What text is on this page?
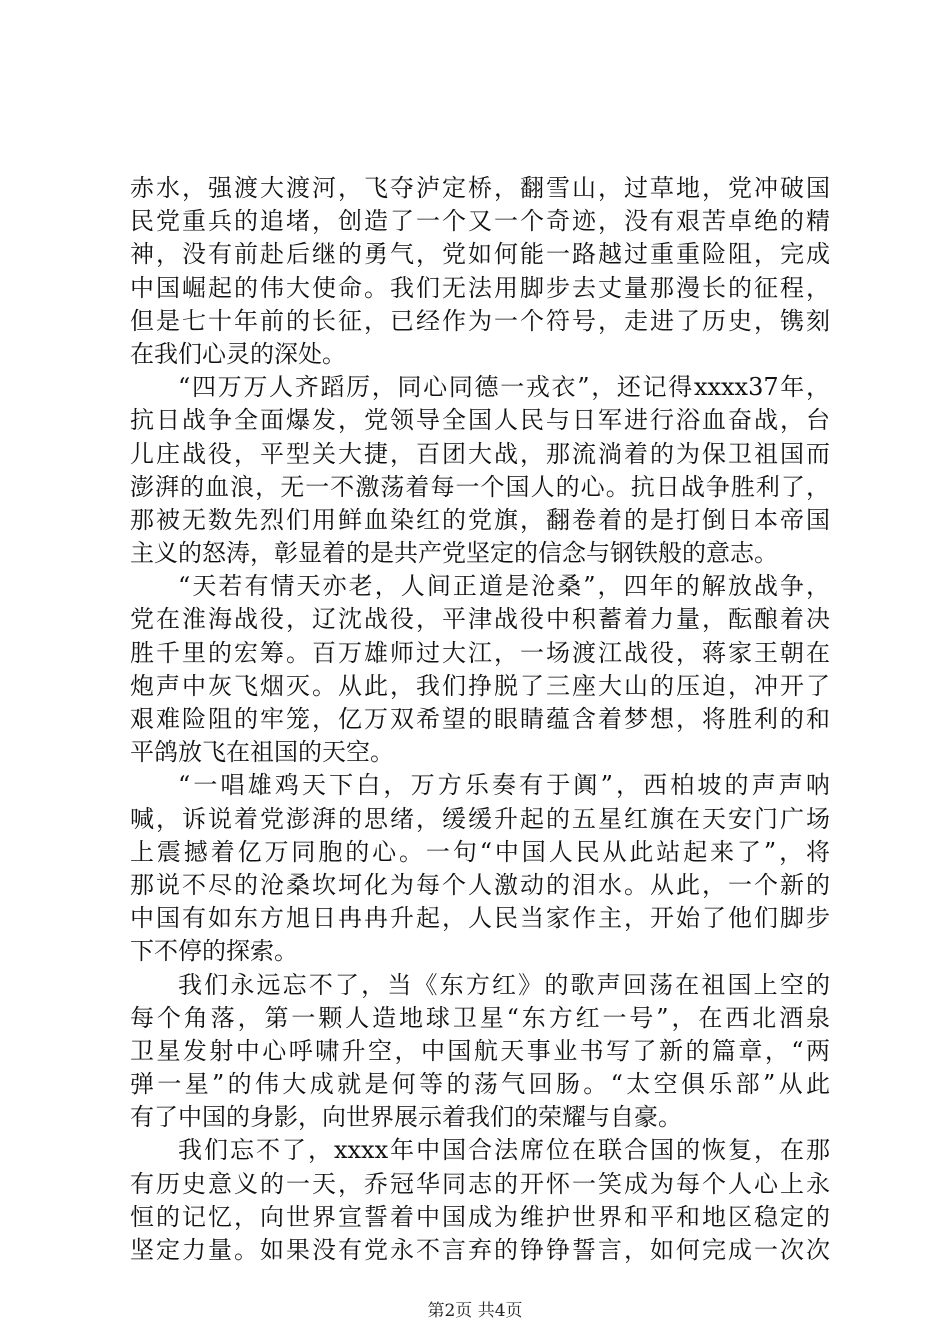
赤水，强渡大渡河，飞夺泸定桥，翻雪山，过草地，党冲破国
民党重兵的追堵，创造了一个又一个奇迹，没有艰苦卓绝的精
神，没有前赴后继的勇气，党如何能一路越过重重险阻，完成
中国崛起的伟大使命。我们无法用脚步去丈量那漫长的征程，
但是七十年前的长征，已经作为一个符号，走进了历史，镌刻
在我们心灵的深处。
“四万万人齐蹈厉，同心同德一戎衣”，还记得xxxx37年，
抗日战争全面爆发，党领导全国人民与日军进行浴血奋战，台
儿庄战役，平型关大捷，百团大战，那流淌着的为保卫祖国而
澎湃的血浪，无一不激荡着每一个国人的心。抗日战争胜利了，
那被无数先烈们用鲜血染红的党旗，翻卷着的是打倒日本帝国
主义的怒涛，彰显着的是共产党坚定的信念与钢铁般的意志。
“天若有情天亦老，人间正道是沧桑”，四年的解放战争，
党在淮海战役，辽沈战役，平津战役中积蓄着力量，酝酿着决
胜千里的宏筹。百万雄师过大江，一场渡江战役，蒋家王朝在
炮声中灰飞烟灭。从此，我们挣脱了三座大山的压迫，冲开了
艰难险阻的牢笼，亿万双希望的眼睛蕴含着梦想，将胜利的和
平鸽放飞在祖国的天空。
“一唱雄鸡天下白，万方乐奏有于阗”，西柏坡的声声呐
喊，诉说着党澎湃的思绪，缓缓升起的五星红旗在天安门广场
上震撼着亿万同胞的心。一句“中国人民从此站起来了”，将
那说不尽的沧桑坎坷化为每个人激动的泪水。从此，一个新的
中国有如东方旭日冉冉升起，人民当家作主，开始了他们脚步
下不停的探索。
我们永远忘不了，当《东方红》的歌声回荡在祖国上空的
每个角落，第一颗人造地球卫星“东方红一号”，在西北酒泉
卫星发射中心呼啸升空，中国航天事业书写了新的篇章，“两
弹一星”的伟大成就是何等的荡气回肠。“太空俱乐部”从此
有了中国的身影，向世界展示着我们的荣耀与自豪。
我们忘不了，xxxx年中国合法席位在联合国的恢复，在那
有历史意义的一天，乔冠华同志的开怀一笑成为每个人心上永
恒的记忆，向世界宣誓着中国成为维护世界和平和地区稳定的
坚定力量。如果没有党永不言弃的铮铮誓言，如何完成一次次
第2页 共4页
